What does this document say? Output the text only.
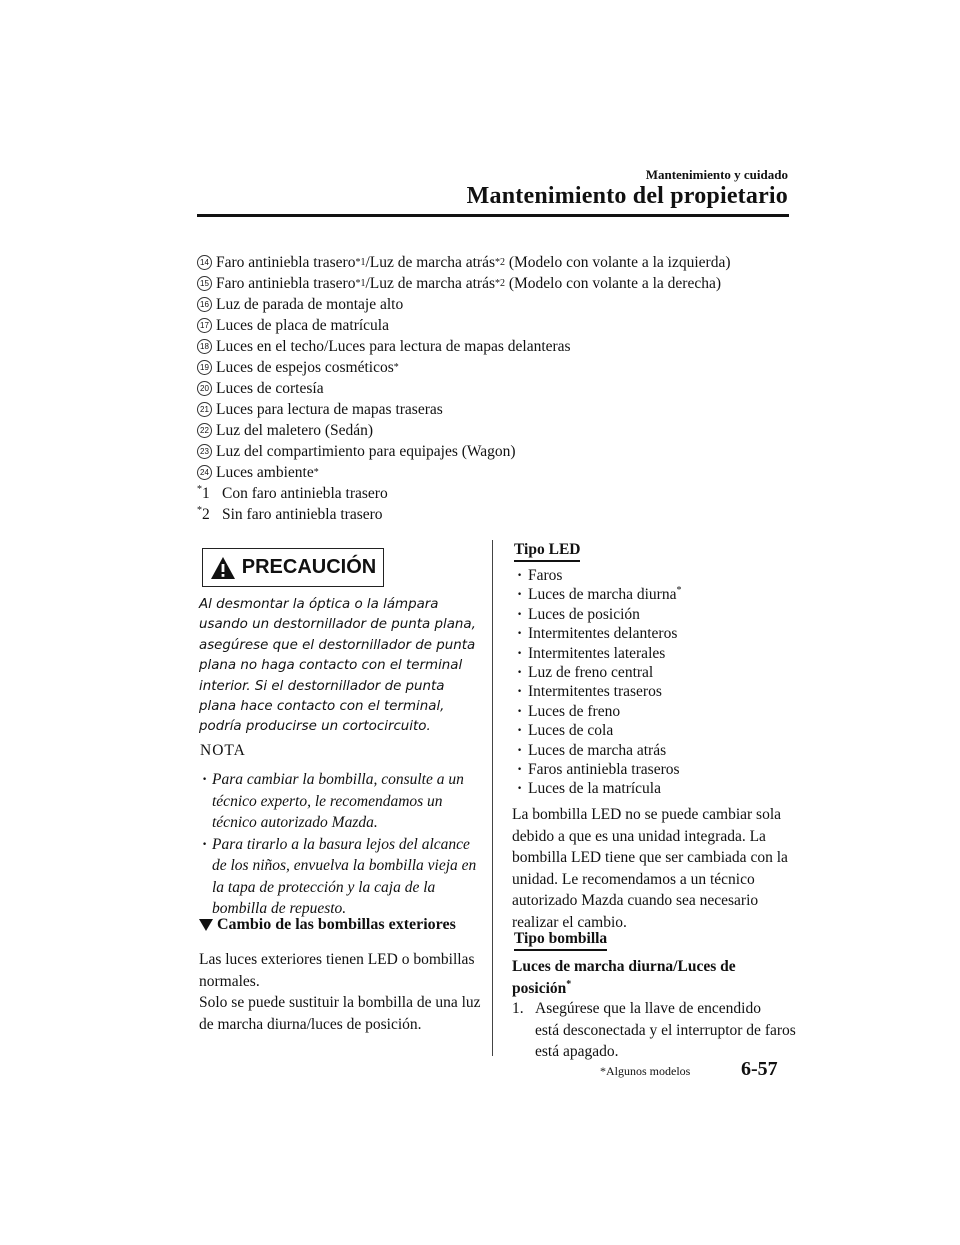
Mantenimiento y cuidado
Mantenimiento del propietario
14 Faro antiniebla trasero *1 /Luz de marcha atrás *2 (Modelo con volante a la izquierda)
15 Faro antiniebla trasero *1 /Luz de marcha atrás *2 (Modelo con volante a la derecha)
16 Luz de parada de montaje alto
17 Luces de placa de matrícula
18 Luces en el techo/Luces para lectura de mapas delanteras
19 Luces de espejos cosméticos *
20 Luces de cortesía
21 Luces para lectura de mapas traseras
22 Luz del maletero (Sedán)
23 Luz del compartimiento para equipajes (Wagon)
24 Luces ambiente *
*1 Con faro antiniebla trasero
*2 Sin faro antiniebla trasero
PRECAUCIÓN
Al desmontar la óptica o la lámpara usando un destornillador de punta plana, asegúrese que el destornillador de punta plana no haga contacto con el terminal interior. Si el destornillador de punta plana hace contacto con el terminal, podría producirse un cortocircuito.
NOTA
· Para cambiar la bombilla, consulte a un técnico experto, le recomendamos un técnico autorizado Mazda.
· Para tirarlo a la basura lejos del alcance de los niños, envuelva la bombilla vieja en la tapa de protección y la caja de la bombilla de repuesto.
Cambio de las bombillas exteriores
Las luces exteriores tienen LED o bombillas normales.
Solo se puede sustituir la bombilla de una luz de marcha diurna/luces de posición.
Tipo LED
· Faros
· Luces de marcha diurna*
· Luces de posición
· Intermitentes delanteros
· Intermitentes laterales
· Luz de freno central
· Intermitentes traseros
· Luces de freno
· Luces de cola
· Luces de marcha atrás
· Faros antiniebla traseros
· Luces de la matrícula
La bombilla LED no se puede cambiar sola debido a que es una unidad integrada. La bombilla LED tiene que ser cambiada con la unidad. Le recomendamos a un técnico autorizado Mazda cuando sea necesario realizar el cambio.
Tipo bombilla
Luces de marcha diurna/Luces de posición*
1. Asegúrese que la llave de encendido
está desconectada y el interruptor de faros está apagado.
*Algunos modelos	6-57
